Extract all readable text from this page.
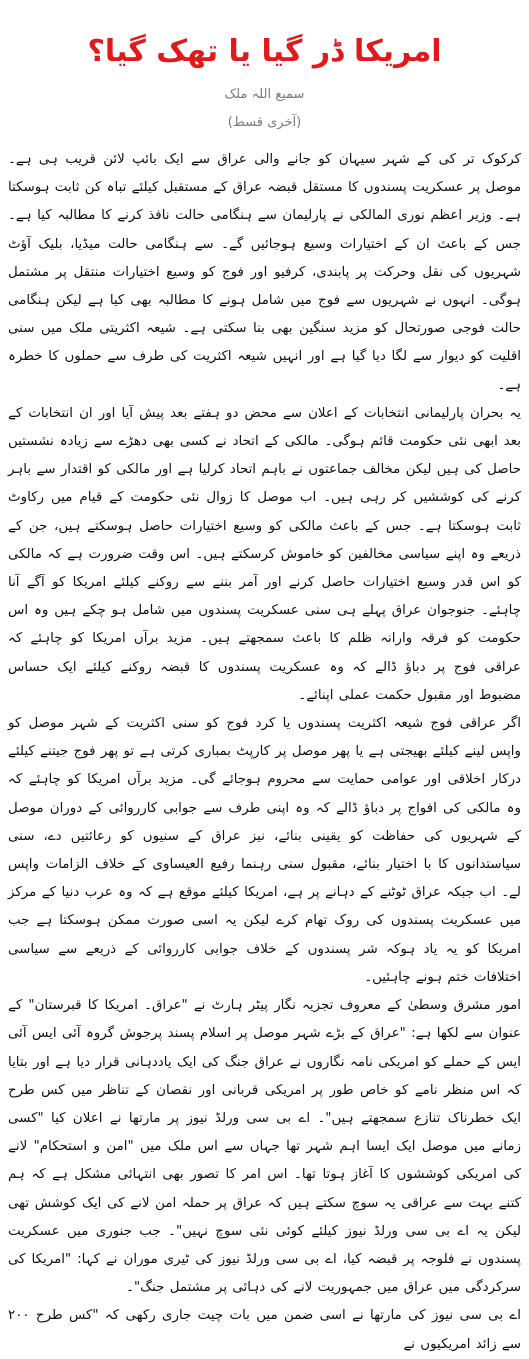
امریکا ڈر گیا یا تھک گیا؟

سمیع اللہ ملک

(آخری قسط)

کرکوک تر کی کے شہر سیہان کو جانے والی عراق سے ایک بائپ لائن قریب ہی ہے۔ موصل پر عسکریت پسندوں کا مستقل قبضہ عراق کے مستقبل کیلئے تباہ کن ثابت ہوسکتا ہے۔ وزیر اعظم نوری المالکی نے پارلیمان سے ہنگامی حالت نافذ کرنے کا مطالبہ کیا ہے۔ جس کے باعث ان کے اختیارات وسیع ہوجائیں گے۔ سے ہنگامی حالت میڈیا، بلیک آؤٹ شہریوں کی نقل وحرکت پر پابندی، کرفیو اور فوج کو وسیع اختیارات منتقل پر مشتمل ہوگی۔ انہوں نے شہریوں سے فوج میں شامل ہونے کا مطالبہ بھی کیا ہے لیکن ہنگامی حالت فوجی صورتحال کو مزید سنگین بھی بنا سکتی ہے۔ شیعہ اکثریتی ملک میں سنی اقلیت کو دیوار سے لگا دیا گیا ہے اور انہیں شیعہ اکثریت کی طرف سے حملوں کا خطرہ ہے۔

یہ بحران پارلیمانی انتخابات کے اعلان سے محض دو ہفتے بعد پیش آیا اور ان انتخابات کے بعد ابھی نئی حکومت قائم ہوگی۔ مالکی کے اتحاد نے کسی بھی دھڑے سے زیادہ نشستیں حاصل کی ہیں لیکن مخالف جماعتوں نے باہم اتحاد کرلیا ہے اور مالکی کو اقتدار سے باہر کرنے کی کوششیں کر رہی ہیں۔ اب موصل کا زوال نئی حکومت کے قیام میں رکاوٹ ثابت ہوسکتا ہے۔ جس کے باعث مالکی کو وسیع اختیارات حاصل ہوسکتے ہیں، جن کے ذریعے وہ اپنے سیاسی مخالفین کو خاموش کرسکتے ہیں۔ اس وقت ضرورت ہے کہ مالکی کو اس قدر وسیع اختیارات حاصل کرنے اور آمر بننے سے روکنے کیلئے امریکا کو آگے آنا چاہئے۔ جنوجوان عراق پہلے ہی سنی عسکریت پسندوں میں شامل ہو چکے ہیں وہ اس حکومت کو فرقہ وارانہ ظلم کا باعث سمجھتے ہیں۔ مزید برآں امریکا کو چاہئے کہ عراقی فوج پر دباؤ ڈالے کہ وہ عسکریت پسندوں کا قبضہ روکنے کیلئے ایک حساس مضبوط اور مقبول حکمت عملی اپنائے۔

اگر عراقی فوج شیعہ اکثریت پسندوں یا کرد فوج کو سنی اکثریت کے شہر موصل کو واپس لینے کیلئے بھیجتی ہے یا پھر موصل پر کارپٹ بمباری کرتی ہے تو پھر فوج جیتنے کیلئے درکار اخلاقی اور عوامی حمایت سے محروم ہوجائے گی۔ مزید برآں امریکا کو چاہئے کہ وہ مالکی کی افواج پر دباؤ ڈالے کہ وہ اپنی طرف سے جوابی کارروائی کے دوران موصل کے شہریوں کی حفاظت کو یقینی بنائے، نیز عراق کے سنیوں کو رعائتیں دے، سنی سیاستدانوں کا با اختیار بنائے، مقبول سنی رہنما رفیع العیساوی کے خلاف الزامات واپس لے۔ اب جبکہ عراق ٹوٹنے کے دہانے پر ہے، امریکا کیلئے موقع ہے کہ وہ عرب دنیا کے مرکز میں عسکریت پسندوں کی روک تھام کرے لیکن یہ اسی صورت ممکن ہوسکتا ہے جب امریکا کو یہ یاد ہوکہ شر پسندوں کے خلاف جوابی کارروائی کے ذریعے سے سیاسی اختلافات ختم ہونے چاہئیں۔

امور مشرق وسطیٰ کے معروف تجزیہ نگار پیٹر ہارٹ نے "عراق۔ امریکا کا قبرستان" کے عنوان سے لکھا ہے: "عراق کے بڑے شہر موصل پر اسلام پسند پرجوش گروہ آئی ایس آئی ایس کے حملے کو امریکی نامہ نگاروں نے عراق جنگ کی ایک یاددہانی قرار دیا ہے اور بتایا کہ اس منظر نامے کو خاص طور پر امریکی قربانی اور نقصان کے تناظر میں کس طرح ایک خطرناک تنازع سمجھتے ہیں"۔ اے بی سی ورلڈ نیوز پر مارتھا نے اعلان کیا "کسی زمانے میں موصل ایک ایسا اہم شہر تھا جہاں سے اس ملک میں "امن و استحکام" لانے کی امریکی کوششوں کا آغاز ہوتا تھا۔ اس امر کا تصور بھی انتہائی مشکل ہے کہ ہم کتنے بہت سے عراقی یہ سوچ سکتے ہیں کہ عراق پر حملہ امن لانے کی ایک کوشش تھی لیکن یہ اے بی سی ورلڈ نیوز کیلئے کوئی نئی سوچ نہیں"۔ جب جنوری میں عسکریت پسندوں نے فلوجہ پر قبضہ کیا، اے بی سی ورلڈ نیوز کی ٹیری موران نے کہا: "امریکا کی سرکردگی میں عراق میں جمہوریت لانے کی دہائی پر مشتمل جنگ"۔

اے بی سی نیوز کی مارتھا نے اسی ضمن میں بات چیت جاری رکھی کہ "کس طرح ۲۰۰ سے زائد امریکیوں نے
